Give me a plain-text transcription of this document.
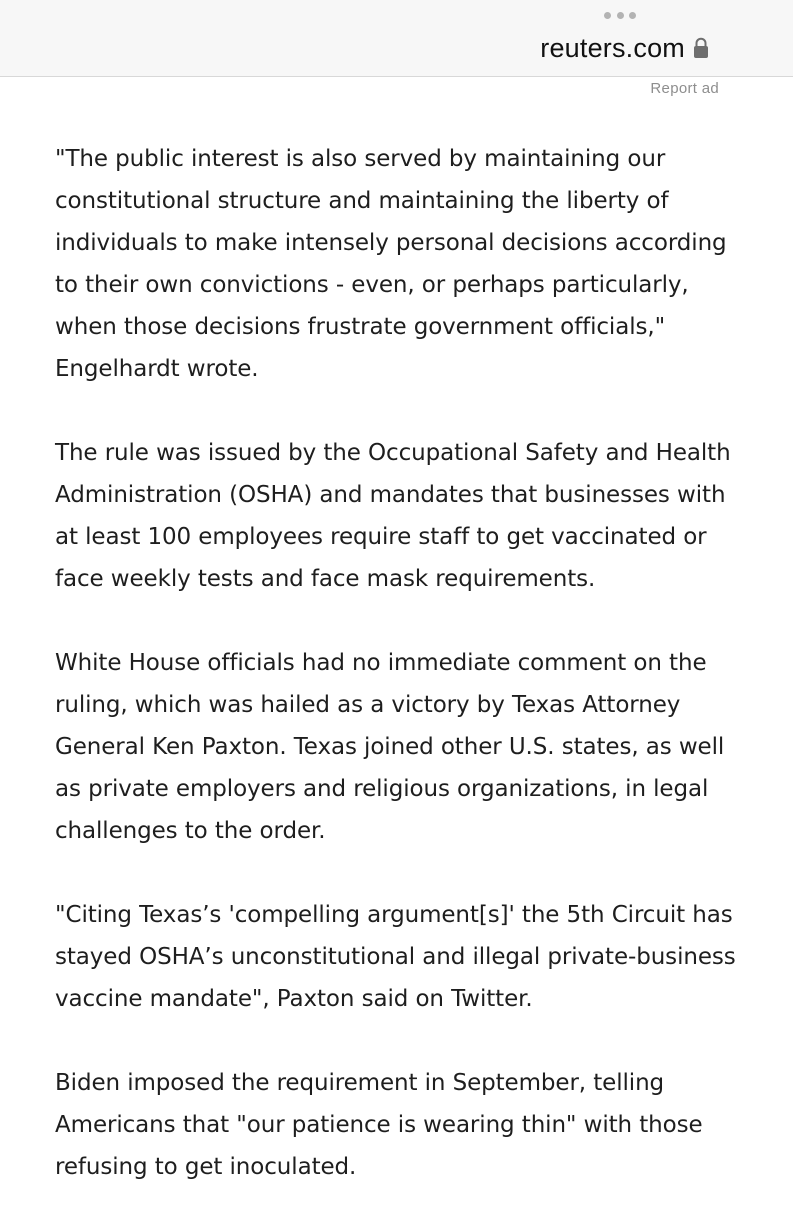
reuters.com
Report ad

"The public interest is also served by maintaining our constitutional structure and maintaining the liberty of individuals to make intensely personal decisions according to their own convictions - even, or perhaps particularly, when those decisions frustrate government officials," Engelhardt wrote.

The rule was issued by the Occupational Safety and Health Administration (OSHA) and mandates that businesses with at least 100 employees require staff to get vaccinated or face weekly tests and face mask requirements.

White House officials had no immediate comment on the ruling, which was hailed as a victory by Texas Attorney General Ken Paxton. Texas joined other U.S. states, as well as private employers and religious organizations, in legal challenges to the order.

"Citing Texas’s 'compelling argument[s]' the 5th Circuit has stayed OSHA’s unconstitutional and illegal private-business vaccine mandate", Paxton said on Twitter.

Biden imposed the requirement in September, telling Americans that "our patience is wearing thin" with those refusing to get inoculated.
